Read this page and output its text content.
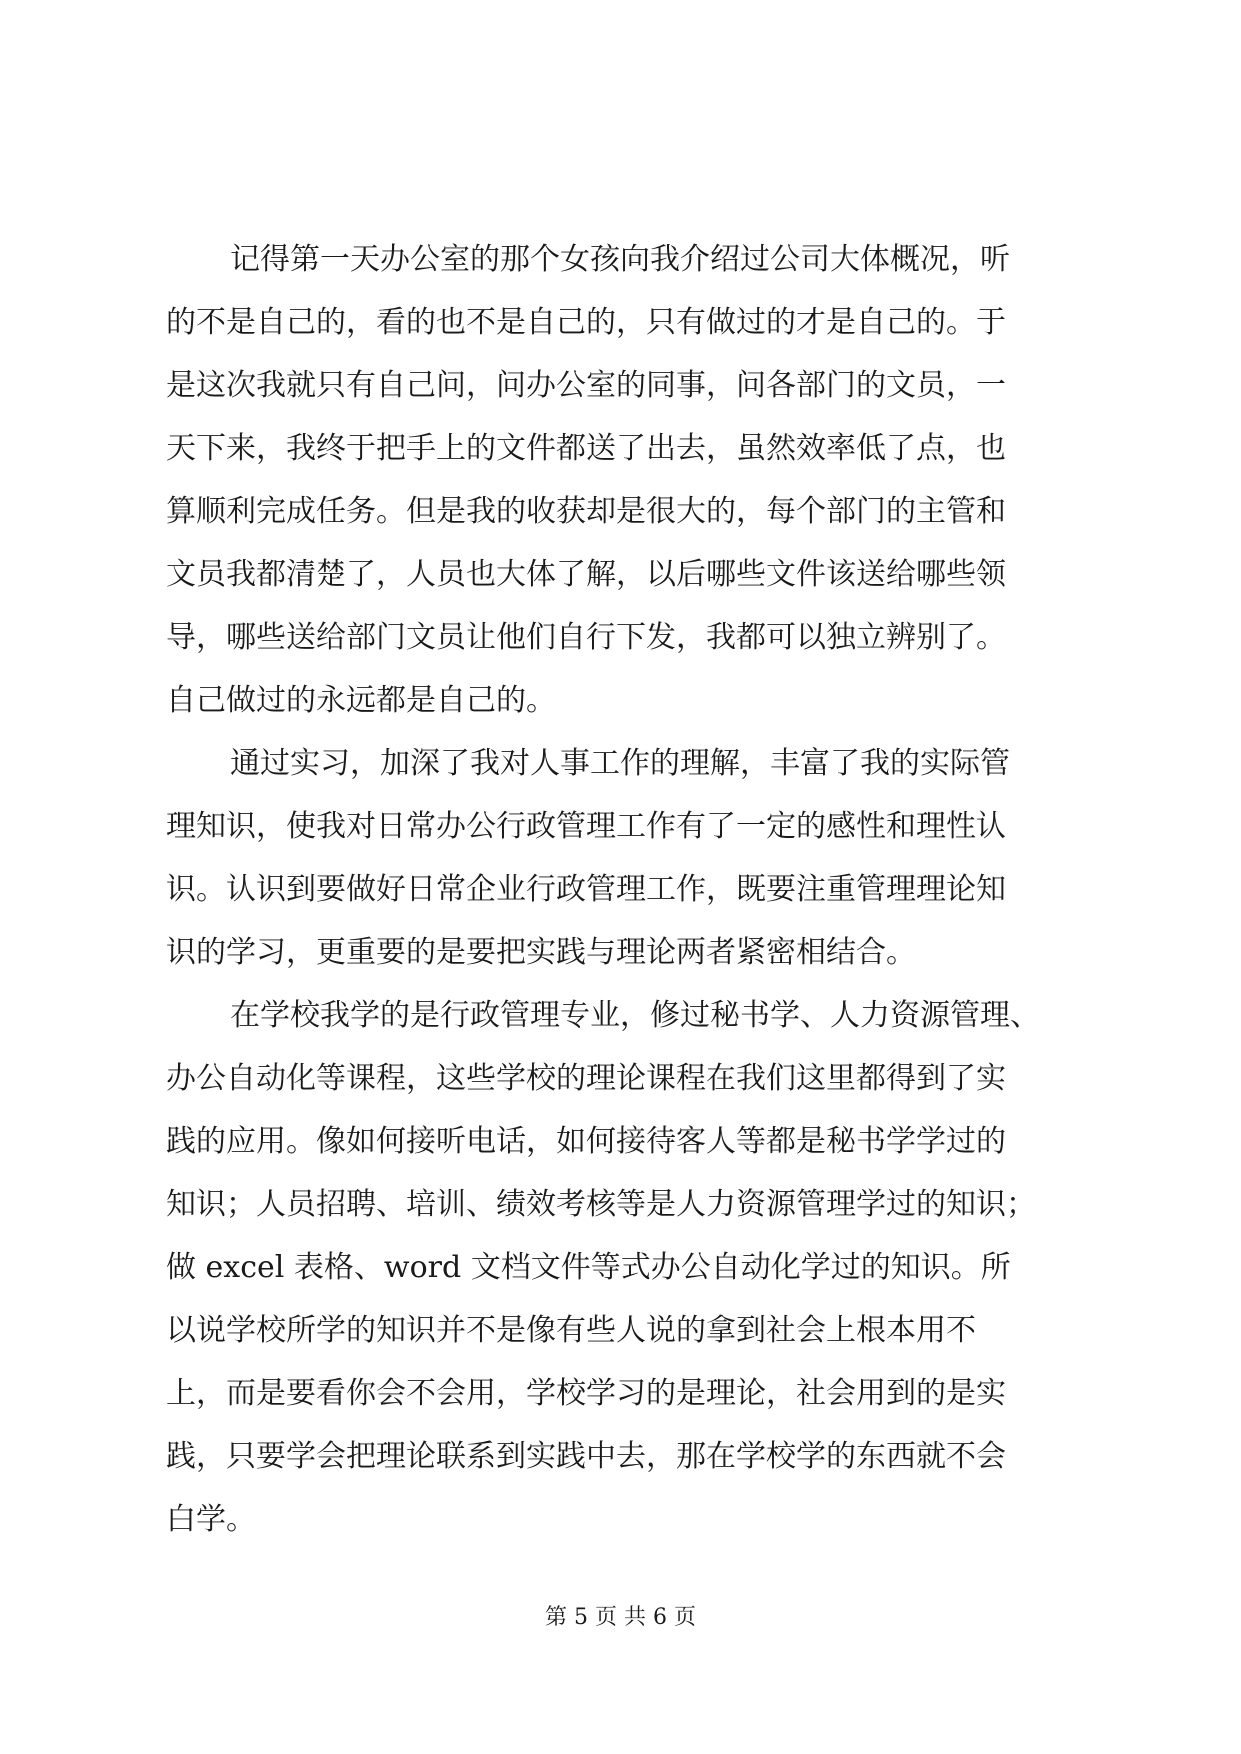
记得第一天办公室的那个女孩向我介绍过公司大体概况，听
的不是自己的，看的也不是自己的，只有做过的才是自己的。于
是这次我就只有自己问，问办公室的同事，问各部门的文员，一
天下来，我终于把手上的文件都送了出去，虽然效率低了点，也
算顺利完成任务。但是我的收获却是很大的，每个部门的主管和
文员我都清楚了，人员也大体了解，以后哪些文件该送给哪些领
导，哪些送给部门文员让他们自行下发，我都可以独立辨别了。
自己做过的永远都是自己的。
通过实习，加深了我对人事工作的理解，丰富了我的实际管
理知识，使我对日常办公行政管理工作有了一定的感性和理性认
识。认识到要做好日常企业行政管理工作，既要注重管理理论知
识的学习，更重要的是要把实践与理论两者紧密相结合。
在学校我学的是行政管理专业，修过秘书学、人力资源管理、
办公自动化等课程，这些学校的理论课程在我们这里都得到了实
践的应用。像如何接听电话，如何接待客人等都是秘书学学过的
知识；人员招聘、培训、绩效考核等是人力资源管理学过的知识；
做 excel 表格、word 文档文件等式办公自动化学过的知识。所
以说学校所学的知识并不是像有些人说的拿到社会上根本用不
上，而是要看你会不会用，学校学习的是理论，社会用到的是实
践，只要学会把理论联系到实践中去，那在学校学的东西就不会
白学。
第 5 页 共 6 页
